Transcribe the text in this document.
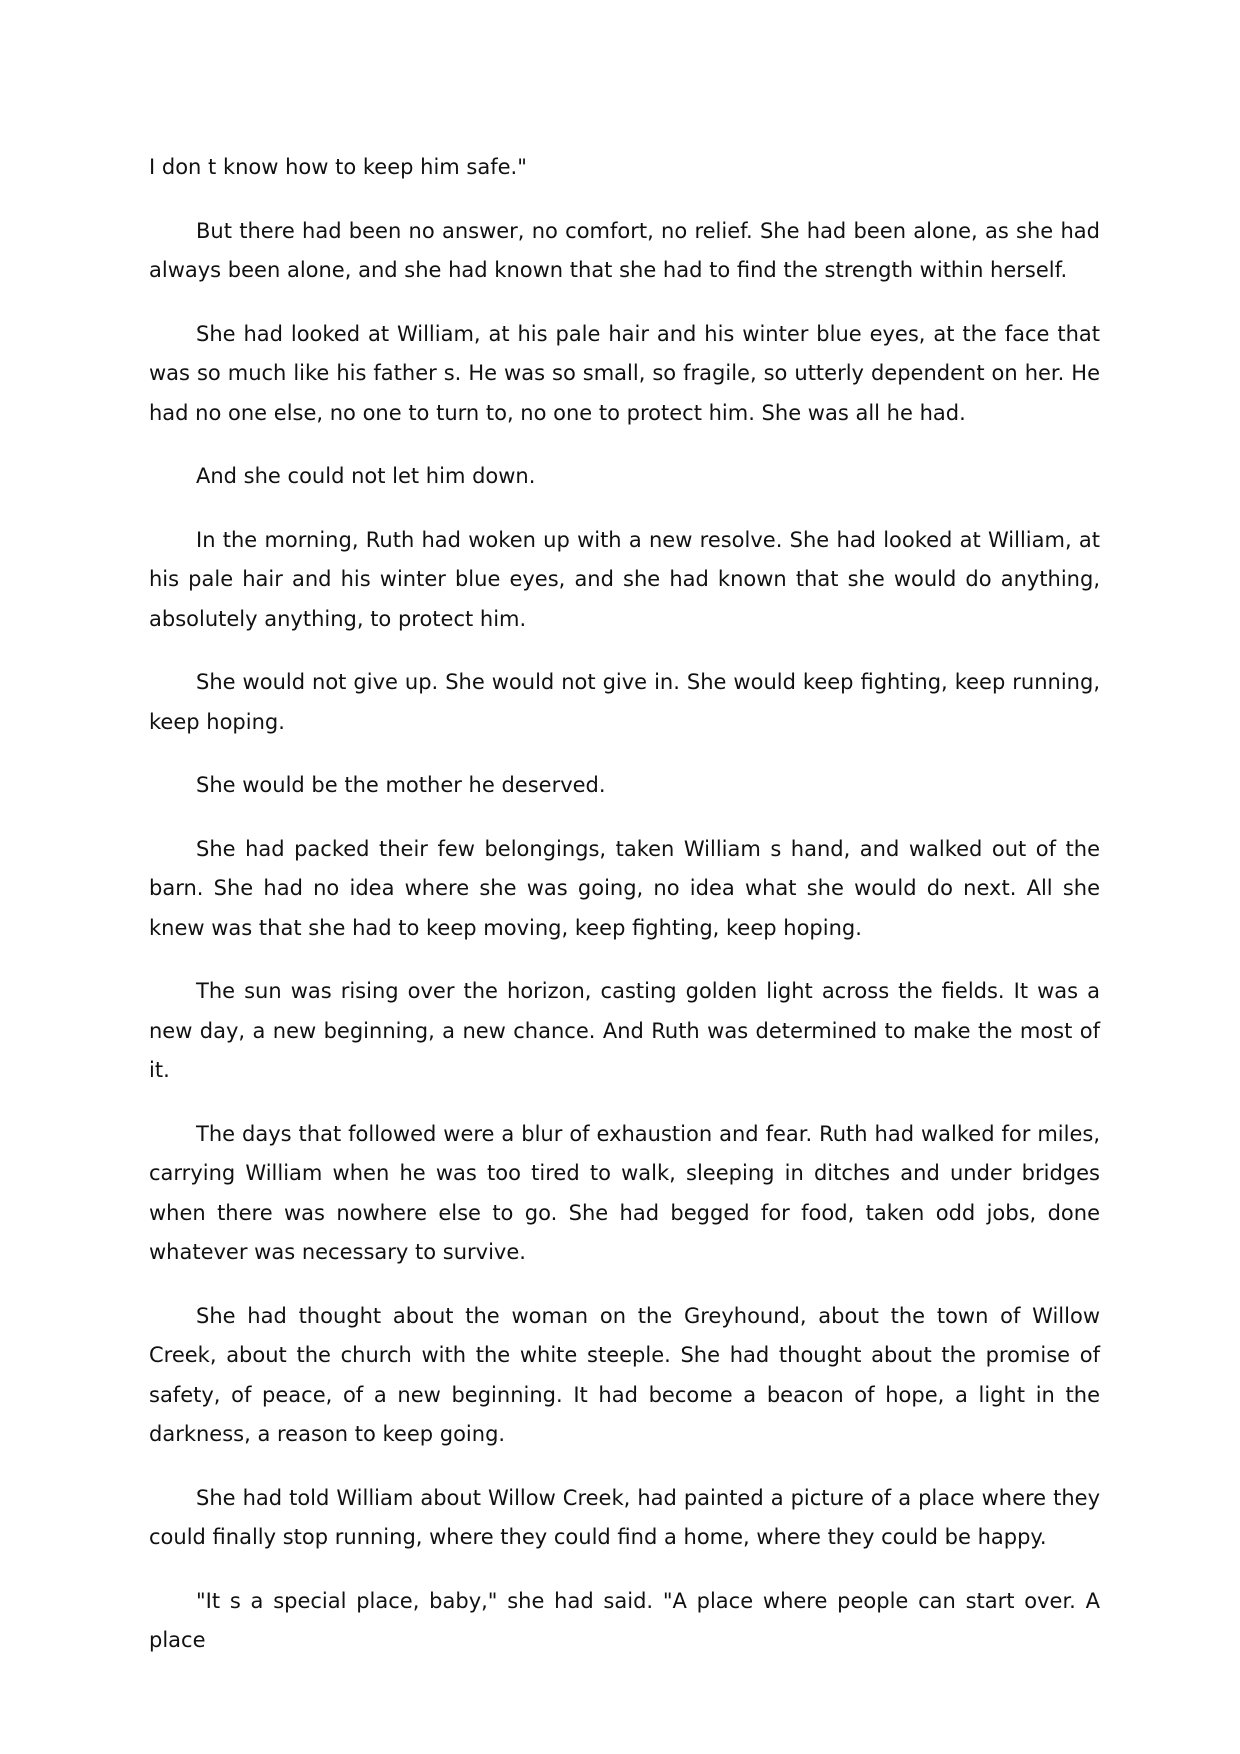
I don t know how to keep him safe."

But there had been no answer, no comfort, no relief. She had been alone, as she had always been alone, and she had known that she had to find the strength within herself.

She had looked at William, at his pale hair and his winter blue eyes, at the face that was so much like his father s. He was so small, so fragile, so utterly dependent on her. He had no one else, no one to turn to, no one to protect him. She was all he had.

And she could not let him down.

In the morning, Ruth had woken up with a new resolve. She had looked at William, at his pale hair and his winter blue eyes, and she had known that she would do anything, absolutely anything, to protect him.

She would not give up. She would not give in. She would keep fighting, keep running, keep hoping.

She would be the mother he deserved.

She had packed their few belongings, taken William s hand, and walked out of the barn. She had no idea where she was going, no idea what she would do next. All she knew was that she had to keep moving, keep fighting, keep hoping.

The sun was rising over the horizon, casting golden light across the fields. It was a new day, a new beginning, a new chance. And Ruth was determined to make the most of it.

The days that followed were a blur of exhaustion and fear. Ruth had walked for miles, carrying William when he was too tired to walk, sleeping in ditches and under bridges when there was nowhere else to go. She had begged for food, taken odd jobs, done whatever was necessary to survive.

She had thought about the woman on the Greyhound, about the town of Willow Creek, about the church with the white steeple. She had thought about the promise of safety, of peace, of a new beginning. It had become a beacon of hope, a light in the darkness, a reason to keep going.

She had told William about Willow Creek, had painted a picture of a place where they could finally stop running, where they could find a home, where they could be happy.

"It s a special place, baby," she had said. "A place where people can start over. A place
